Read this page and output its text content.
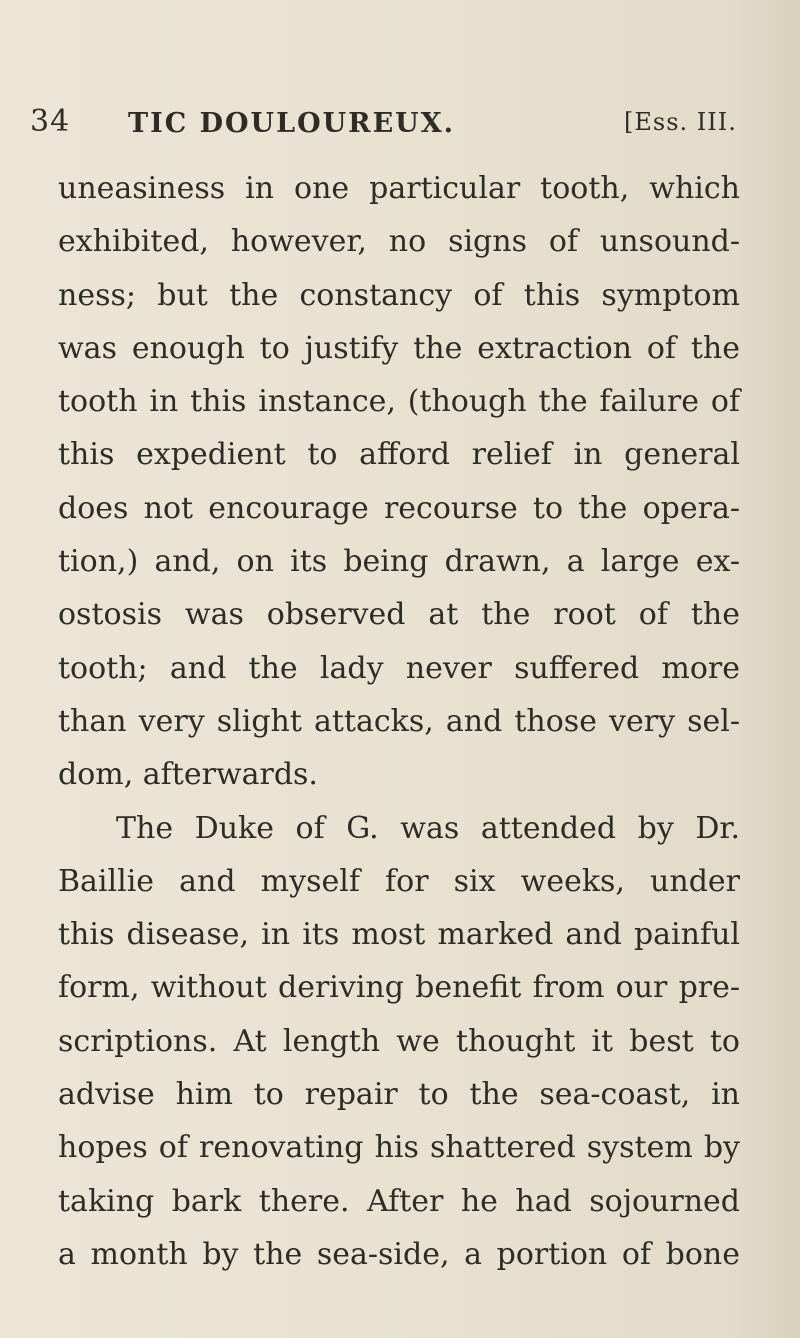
34 TIC DOULOUREUX.	[Ess. III.
uneasiness in one particular tooth, which
exhibited, however, no signs of unsound-
ness; but the constancy of this symptom
was enough to justify the extraction of the
tooth in this instance, (though the failure of
this expedient to afford relief in general
does not encourage recourse to the opera-
tion,) and, on its being drawn, a large ex-
ostosis was observed at the root of the
tooth; and the lady never suffered more
than very slight attacks, and those very sel-
dom, afterwards.
The Duke of G. was attended by Dr.
Baillie and myself for six weeks, under
this disease, in its most marked and painful
form, without deriving benefit from our pre-
scriptions. At length we thought it best to
advise him to repair to the sea-coast, in
hopes of renovating his shattered system by
taking bark there. After he had sojourned
a month by the sea-side, a portion of bone
